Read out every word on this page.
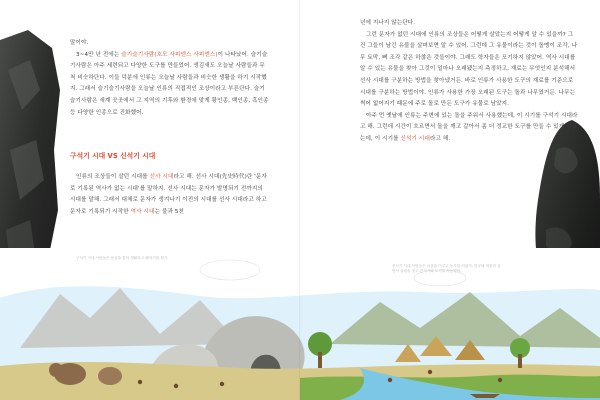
말이야.

3~4만 년 전에는 슬기슬기사람(호모 사피엔스 사피엔스)이 나타났어. 슬기슬기사람은 아주 세련되고 다양한 도구를 만들었어. 생김새도 오늘날 사람들과 무척 비슷하단다. 이들 덕분에 인류는 오늘날 사람들과 비슷한 생활을 하기 시작했지. 그래서 슬기슬기사람을 오늘날 인류의 직접적인 조상이라고 부른단다. 슬기슬기사람은 세계 곳곳에서 그 지역의 기후와 환경에 맞게 황인종, 백인종, 흑인종 등 다양한 인종으로 진화했어.

구석기 시대 VS 신석기 시대

인류의 조상들이 살던 시대를 선사 시대라고 해. 선사 시대(先史時代)란 '문자로 기록된 역사가 없는 시대'를 말하지. 선사 시대는 문자가 발명되기 전까지의 시대를 말해. 그래서 대체로 문자가 생겨나기 이전의 시대를 선사 시대라고 하고 문자로 기록되기 시작한 역사 시대는 불과 5천

구석기 시대 사람들은 동굴을 찾아 생활하고 뗀석기를 썼지.

년에 지나지 않는단다.

그런 문자가 없던 시대에 인류의 조상들은 어떻게 살았는지 어떻게 알 수 있을까? 그건 그들이 남긴 유물을 살펴보면 알 수 있어. 그런데 그 유물이라는 것이 돌멩이 조각, 나무 토막, 뼈 조각 같은 하찮은 것들이야. 그래도 학자들은 포기하지 않았어. 역사 시대를 알 수 있는 유물을 찾아 그것이 얼마나 오래됐는지 측정하고, 재료는 무엇인지 분석해서 선사 시대를 구분하는 방법을 찾아냈거든. 바로 인류가 사용한 도구의 재료를 기준으로 시대를 구분하는 방법이야. 인류가 사용한 가장 오래된 도구는 돌과 나무였거든. 나무는 썩어 없어지기 때문에 주로 돌로 만든 도구가 유물로 남았지.

아주 먼 옛날에 인류는 주변에 있는 돌을 주워서 사용했는데, 이 시기를 구석기 시대라고 해. 그런데 시간이 흐르면서 돌을 깨고 갈아서 좀 더 정교한 도구를 만들 수 있게 되었는데, 이 시기를 신석기 시대라고 해.

신석기 시대 사람들은 마을을 이루고 농사를 지었지. 한곳에 머물러 살면서 움집을 짓고 간석기와 토기를 사용했어.
